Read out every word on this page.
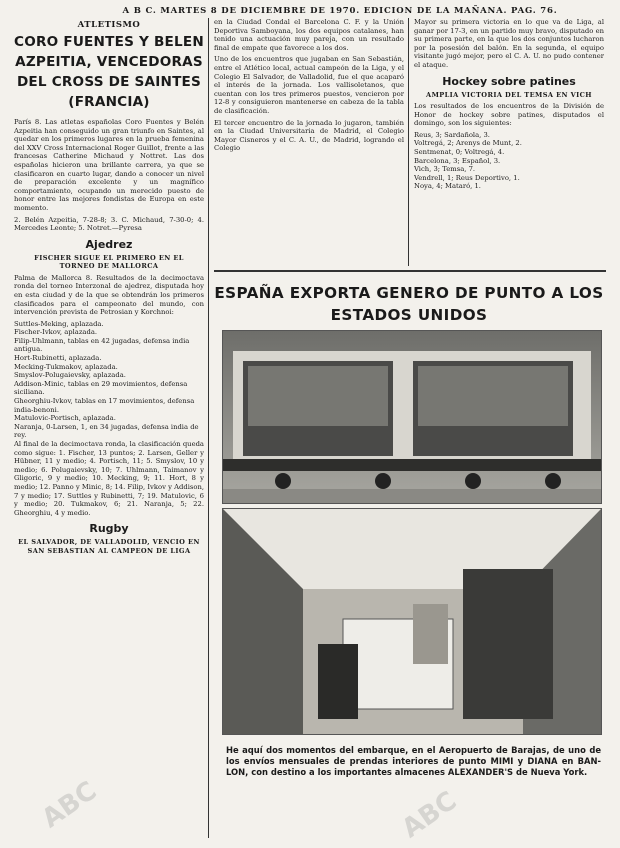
A B C. MARTES 8 DE DICIEMBRE DE 1970. EDICION DE LA MAÑANA. PAG. 76.
ATLETISMO
CORO FUENTES Y BELEN AZPEITIA, VENCEDORAS DEL CROSS DE SAINTES (FRANCIA)

París 8. Las atletas españolas Coro Fuentes y Belén Azpeitia han conseguido un gran triunfo en Saintes, al quedar en los primeros lugares en la prueba femenina del XXV Cross Internacional Roger Guillot, frente a las francesas Catherine Michaud y Nottret. Las dos españolas hicieron una brillante carrera, ya que se clasificaron en cuarto lugar, dando a conocer un nivel de preparación excelente y un magnífico comportamiento, ocupando un merecido puesto de honor entre las mejores fondistas de Europa en este momento.

2. Belén Azpeitia, 7-28-8; 3. C. Michaud, 7-30-0; 4. Mercedes Leonte; 5. Notret.—Pyresa

Ajedrez
FISCHER SIGUE EL PRIMERO EN EL TORNEO DE MALLORCA

Palma de Mallorca 8. Resultados de la decimoctava ronda del torneo Interzonal de ajedrez, disputada hoy en esta ciudad y de la que se obtendrán los primeros clasificados para el campeonato del mundo, con intervención prevista de Petrosian y Korchnoi:

Suttles-Meking, aplazada.

Fischer-Ivkov, aplazada.

Filip-Uhlmann, tablas en 42 jugadas, defensa india antigua.

Hort-Rubinetti, aplazada.

Mecking-Tukmakov, aplazada.

Smyslov-Polugaievsky, aplazada.

Addison-Minic, tablas en 29 movimientos, defensa siciliana.

Gheorghiu-Ivkov, tablas en 17 movimientos, defensa india-benoni.

Matulovic-Portisch, aplazada.

Naranja, 0-Larsen, 1, en 34 jugadas, defensa india de rey.

Al final de la decimoctava ronda, la clasificación queda como sigue: 1. Fischer, 13 puntos; 2. Larsen, Geller y Hübner, 11 y medio; 4. Portisch, 11; 5. Smyslov, 10 y medio; 6. Polugaievsky, 10; 7. Uhlmann, Taimanov y Gligoric, 9 y medio; 10. Mecking, 9; 11. Hort, 8 y medio; 12. Panno y Minic, 8; 14. Filip, Ivkov y Addison, 7 y medio; 17. Suttles y Rubinetti, 7; 19. Matulovic, 6 y medio; 20. Tukmakov, 6; 21. Naranja, 5; 22. Gheorghiu, 4 y medio.

Rugby
EL SALVADOR, DE VALLADOLID, VENCIO EN SAN SEBASTIAN AL CAMPEON DE LIGA

en la Ciudad Condal el Barcelona C. F. y la Unión Deportiva Samboyana, los dos equipos catalanes, han tenido una actuación muy pareja, con un resultado final de empate que favorece a los dos.

Uno de los encuentros que jugaban en San Sebastián, entre el Atlético local, actual campeón de la Liga, y el Colegio El Salvador, de Valladolid, fue el que acaparó el interés de la jornada. Los vallisoletanos, que cuentan con los tres primeros puestos, vencieron por 12-8 y consiguieron mantenerse en cabeza de la tabla de clasificación.

El tercer encuentro de la jornada lo jugaron, también en la Ciudad Universitaria de Madrid, el Colegio Mayor Cisneros y el C. A. U., de Madrid, logrando el Colegio

Mayor su primera victoria en lo que va de Liga, al ganar por 17-3, en un partido muy bravo, disputado en su primera parte, en la que los dos conjuntos lucharon por la posesión del balón. En la segunda, el equipo visitante jugó mejor, pero el C. A. U. no pudo contener el ataque.

Hockey sobre patines
AMPLIA VICTORIA DEL TEMSA EN VICH

Los resultados de los encuentros de la División de Honor de hockey sobre patines, disputados el domingo, son los siguientes:

Reus, 3; Sardañola, 3.

Voltregá, 2; Arenys de Munt, 2.

Sentmenat, 0; Voltregá, 4.

Barcelona, 3; Español, 3.

Vich, 3; Temsa, 7.

Vendrell, 1; Reus Deportivo, 1.

Noya, 4; Mataró, 1.

ESPAÑA EXPORTA GENERO DE PUNTO A LOS ESTADOS UNIDOS
He aquí dos momentos del embarque, en el Aeropuerto de Barajas, de uno de los envíos mensuales de prendas interiores de punto MIMI y DIANA en BAN-LON, con destino a los importantes almacenes ALEXANDER'S de Nueva York.
ABC	ABC
